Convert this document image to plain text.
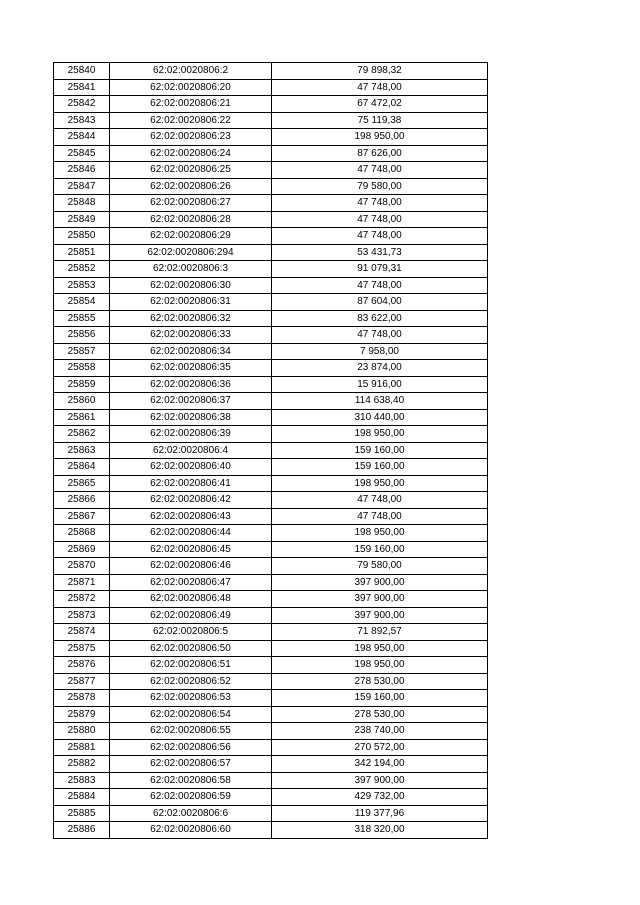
25840	62:02:0020806:2	79 898,32
25841	62:02:0020806:20	47 748,00
25842	62:02:0020806:21	67 472,02
25843	62:02:0020806:22	75 119,38
25844	62:02:0020806:23	198 950,00
25845	62:02:0020806:24	87 626,00
25846	62:02:0020806:25	47 748,00
25847	62:02:0020806:26	79 580,00
25848	62:02:0020806:27	47 748,00
25849	62:02:0020806:28	47 748,00
25850	62:02:0020806:29	47 748,00
25851	62:02:0020806:294	53 431,73
25852	62:02:0020806:3	91 079,31
25853	62:02:0020806:30	47 748,00
25854	62:02:0020806:31	87 604,00
25855	62:02:0020806:32	83 622,00
25856	62:02:0020806:33	47 748,00
25857	62:02:0020806:34	7 958,00
25858	62:02:0020806:35	23 874,00
25859	62:02:0020806:36	15 916,00
25860	62:02:0020806:37	114 638,40
25861	62:02:0020806:38	310 440,00
25862	62:02:0020806:39	198 950,00
25863	62:02:0020806:4	159 160,00
25864	62:02:0020806:40	159 160,00
25865	62:02:0020806:41	198 950,00
25866	62:02:0020806:42	47 748,00
25867	62:02:0020806:43	47 748,00
25868	62:02:0020806:44	198 950,00
25869	62:02:0020806:45	159 160,00
25870	62:02:0020806:46	79 580,00
25871	62:02:0020806:47	397 900,00
25872	62:02:0020806:48	397 900,00
25873	62:02:0020806:49	397 900,00
25874	62:02:0020806:5	71 892,57
25875	62:02:0020806:50	198 950,00
25876	62:02:0020806:51	198 950,00
25877	62:02:0020806:52	278 530,00
25878	62:02:0020806:53	159 160,00
25879	62:02:0020806:54	278 530,00
25880	62:02:0020806:55	238 740,00
25881	62:02:0020806:56	270 572,00
25882	62:02:0020806:57	342 194,00
25883	62:02:0020806:58	397 900,00
25884	62:02:0020806:59	429 732,00
25885	62:02:0020806:6	119 377,96
25886	62:02:0020806:60	318 320,00
